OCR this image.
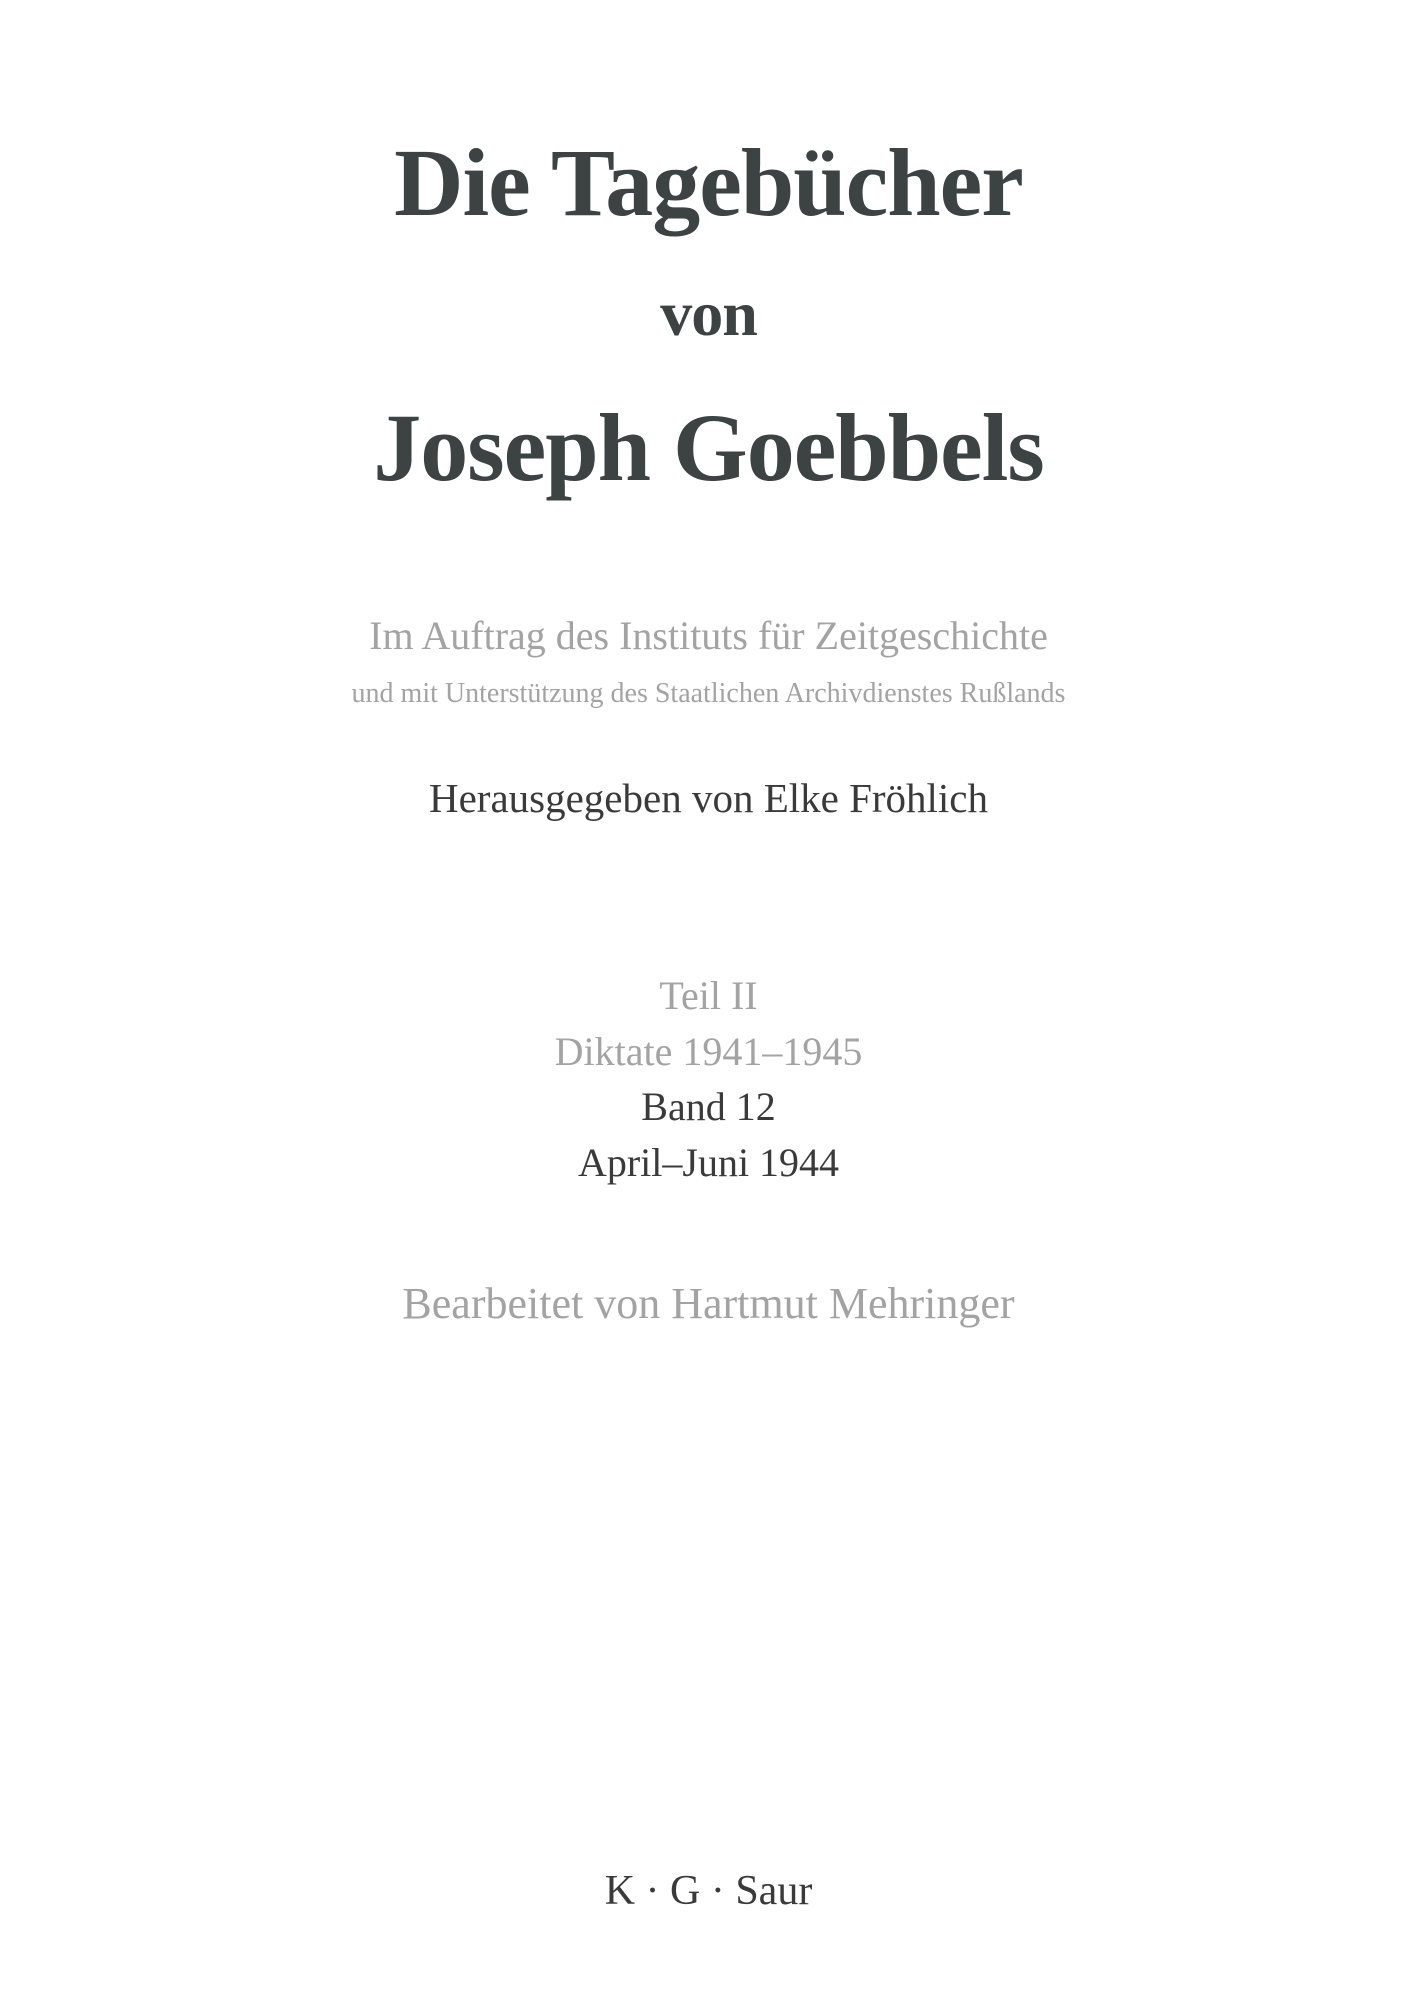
Die Tagebücher
von
Joseph Goebbels
Im Auftrag des Instituts für Zeitgeschichte
und mit Unterstützung des Staatlichen Archivdienstes Rußlands
Herausgegeben von Elke Fröhlich
Teil II
Diktate 1941–1945
Band 12
April–Juni 1944
Bearbeitet von Hartmut Mehringer
K · G · Saur
